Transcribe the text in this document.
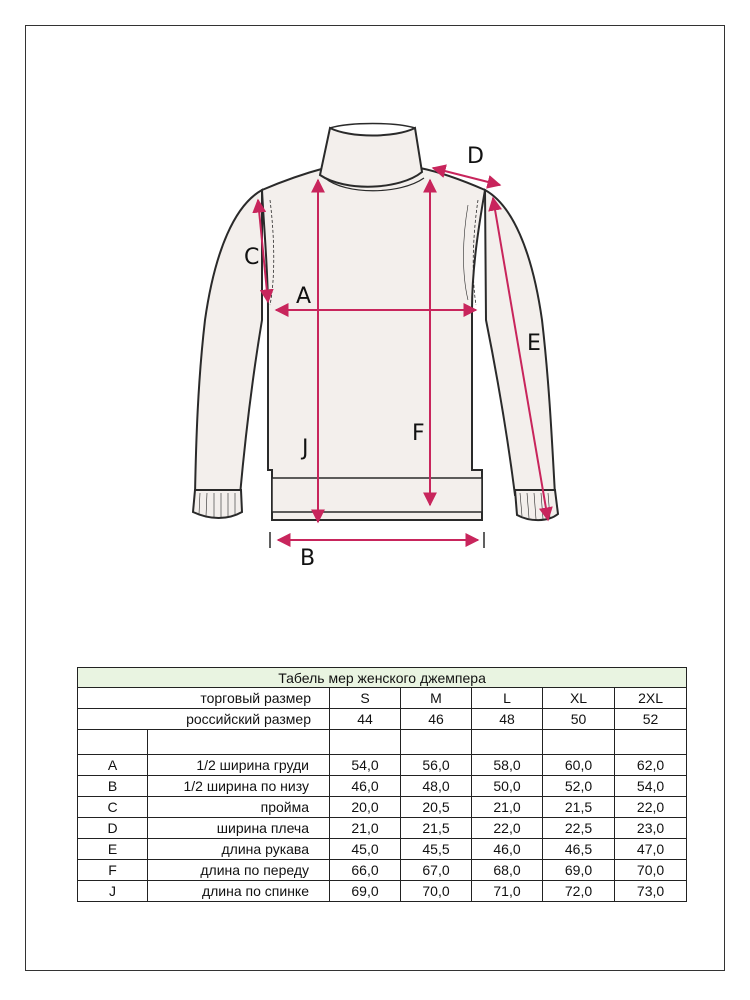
A
B
C
D
E
F
J
Табель мер женского джемпера						
торговый размер		S	M	L	XL	2XL
российский размер		44	46	48	50	52

A	1/2 ширина груди	54,0	56,0	58,0	60,0	62,0
B	1/2 ширина по низу	46,0	48,0	50,0	52,0	54,0
C	пройма	20,0	20,5	21,0	21,5	22,0
D	ширина плеча	21,0	21,5	22,0	22,5	23,0
E	длина рукава	45,0	45,5	46,0	46,5	47,0
F	длина по переду	66,0	67,0	68,0	69,0	70,0
J	длина по спинке	69,0	70,0	71,0	72,0	73,0
